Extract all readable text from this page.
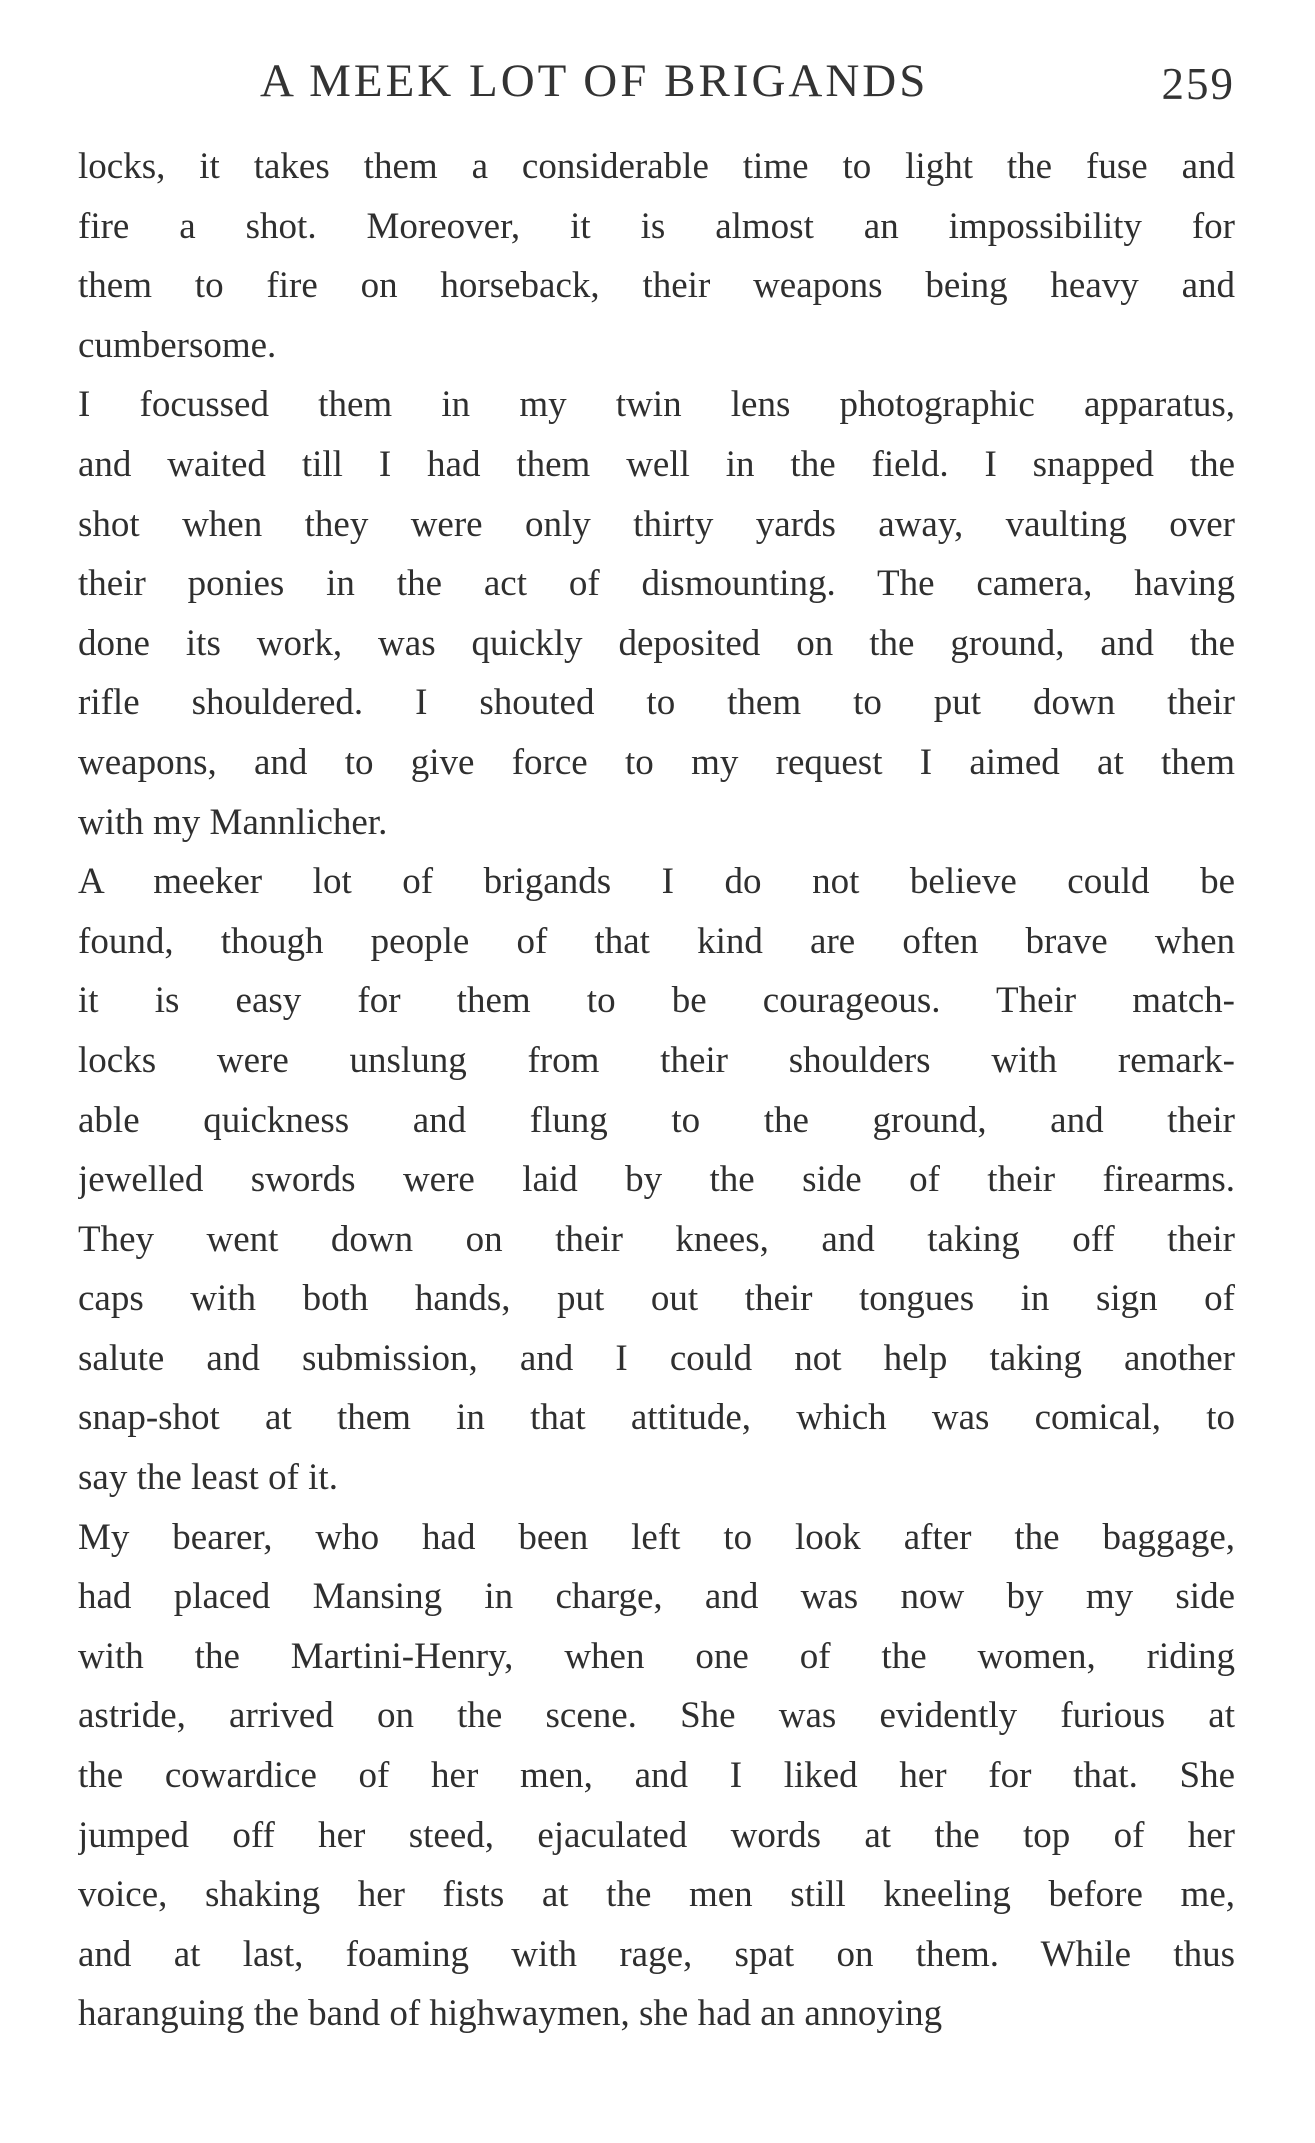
A MEEK LOT OF BRIGANDS	259
locks, it takes them a considerable time to light the fuse and
fire a shot. Moreover, it is almost an impossibility for
them to fire on horseback, their weapons being heavy and
cumbersome.
I focussed them in my twin lens photographic apparatus,
and waited till I had them well in the field. I snapped the
shot when they were only thirty yards away, vaulting over
their ponies in the act of dismounting. The camera, having
done its work, was quickly deposited on the ground, and the
rifle shouldered. I shouted to them to put down their
weapons, and to give force to my request I aimed at them
with my Mannlicher.
A meeker lot of brigands I do not believe could be
found, though people of that kind are often brave when
it is easy for them to be courageous. Their match-
locks were unslung from their shoulders with remark-
able quickness and flung to the ground, and their
jewelled swords were laid by the side of their firearms.
They went down on their knees, and taking off their
caps with both hands, put out their tongues in sign of
salute and submission, and I could not help taking another
snap-shot at them in that attitude, which was comical, to
say the least of it.
My bearer, who had been left to look after the baggage,
had placed Mansing in charge, and was now by my side
with the Martini-Henry, when one of the women, riding
astride, arrived on the scene. She was evidently furious at
the cowardice of her men, and I liked her for that. She
jumped off her steed, ejaculated words at the top of her
voice, shaking her fists at the men still kneeling before me,
and at last, foaming with rage, spat on them. While thus
haranguing the band of highwaymen, she had an annoying
